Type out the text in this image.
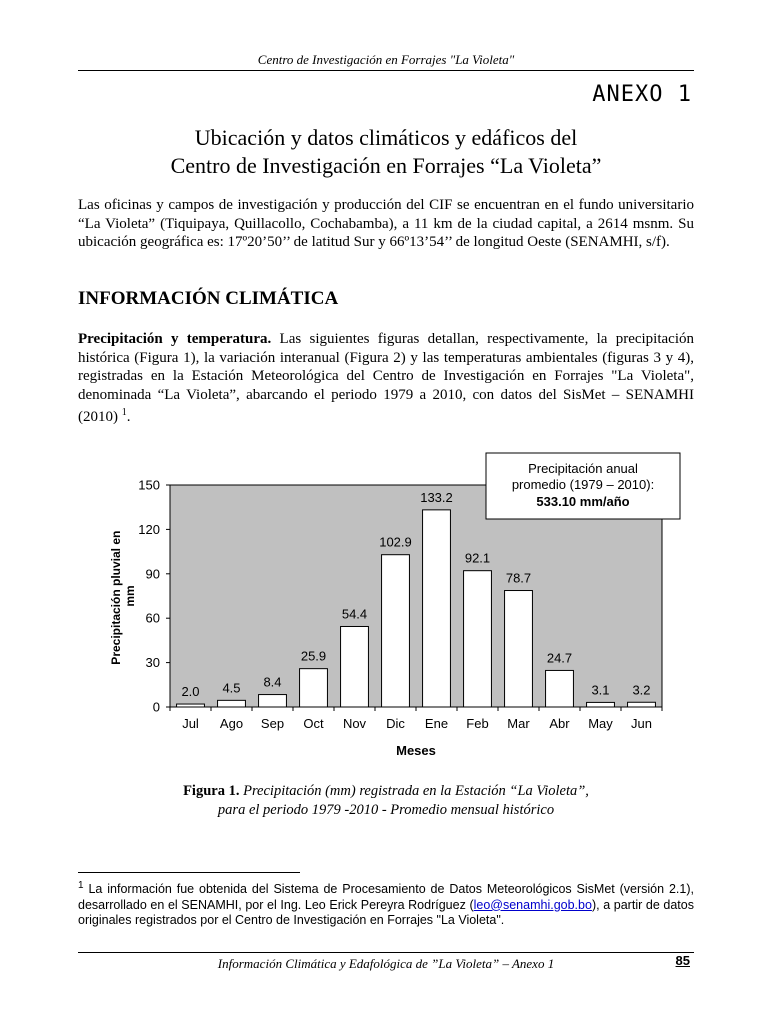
Centro de Investigación en Forrajes "La Violeta"
ANEXO 1
Ubicación y datos climáticos y edáficos del
Centro de Investigación en Forrajes “La Violeta”
Las oficinas y campos de investigación y producción del CIF se encuentran en el fundo universitario “La Violeta” (Tiquipaya, Quillacollo, Cochabamba), a 11 km de la ciudad capital, a 2614 msnm. Su ubicación geográfica es: 17º20’50’’ de latitud Sur y 66º13’54’’ de longitud Oeste (SENAMHI, s/f).
INFORMACIÓN CLIMÁTICA
Precipitación y temperatura. Las siguientes figuras detallan, respectivamente, la precipitación histórica (Figura 1), la variación interanual (Figura 2) y las temperaturas ambientales (figuras 3 y 4), registradas en la Estación Meteorológica del Centro de Investigación en Forrajes "La Violeta", denominada “La Violeta”, abarcando el periodo 1979 a 2010, con datos del SisMet – SENAMHI (2010) $^1$.
2.0 4.5 8.4
25.9
54.4
102.9
133.2
92.1
78.7
24.7
3.1 3.2
0
30
60
90
120
150
Jul Ago Sep Oct Nov Dic Ene Feb Mar Abr May Jun
Meses
Precipitación pluvial en mm
Precipitación anual
promedio (1979 – 2010):
533.10 mm/año
Figura 1. Precipitación (mm) registrada en la Estación “La Violeta”,
para el periodo 1979 -2010 - Promedio mensual histórico
$^1$ La información fue obtenida del Sistema de Procesamiento de Datos Meteorológicos SisMet (versión 2.1), desarrollado en el SENAMHI, por el Ing. Leo Erick Pereyra Rodríguez (leo@senamhi.gob.bo), a partir de datos originales registrados por el Centro de Investigación en Forrajes "La Violeta".
Información Climática y Edafológica de ”La Violeta” – Anexo 1	85
